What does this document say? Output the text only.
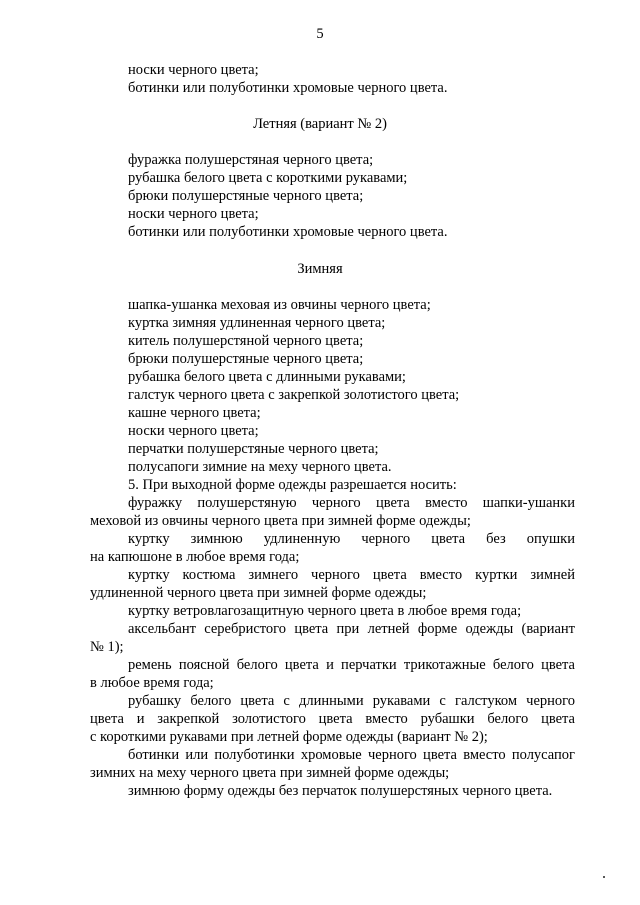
5
носки черного цвета;
ботинки или полуботинки хромовые черного цвета.
Летняя (вариант № 2)
фуражка полушерстяная черного цвета;
рубашка белого цвета с короткими рукавами;
брюки полушерстяные черного цвета;
носки черного цвета;
ботинки или полуботинки хромовые черного цвета.
Зимняя
шапка-ушанка меховая из овчины черного цвета;
куртка зимняя удлиненная черного цвета;
китель полушерстяной черного цвета;
брюки полушерстяные черного цвета;
рубашка белого цвета с длинными рукавами;
галстук черного цвета с закрепкой золотистого цвета;
кашне черного цвета;
носки черного цвета;
перчатки полушерстяные черного цвета;
полусапоги зимние на меху черного цвета.
5. При выходной форме одежды разрешается носить:
фуражку полушерстяную черного цвета вместо шапки-ушанки
меховой из овчины черного цвета при зимней форме одежды;
куртку зимнюю удлиненную черного цвета без опушки
на капюшоне в любое время года;
куртку костюма зимнего черного цвета вместо куртки зимней
удлиненной черного цвета при зимней форме одежды;
куртку ветровлагозащитную черного цвета в любое время года;
аксельбант серебристого цвета при летней форме одежды (вариант
№ 1);
ремень поясной белого цвета и перчатки трикотажные белого цвета
в любое время года;
рубашку белого цвета с длинными рукавами с галстуком черного
цвета и закрепкой золотистого цвета вместо рубашки белого цвета
с короткими рукавами при летней форме одежды (вариант № 2);
ботинки или полуботинки хромовые черного цвета вместо полусапог
зимних на меху черного цвета при зимней форме одежды;
зимнюю форму одежды без перчаток полушерстяных черного цвета.
